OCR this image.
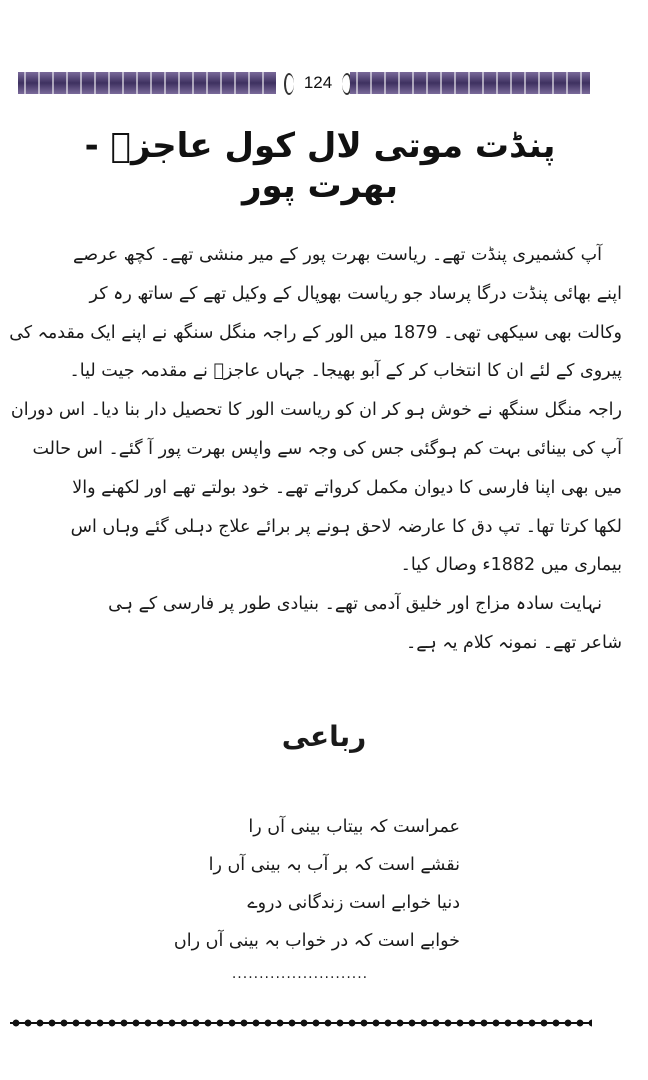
124
پنڈت موتی لال کول عاجزؔ - بھرت پور
آپ کشمیری پنڈت تھے۔ ریاست بھرت پور کے میر منشی تھے۔ کچھ عرصے
اپنے بھائی پنڈت درگا پرساد جو ریاست بھوپال کے وکیل تھے کے ساتھ رہ کر
وکالت بھی سیکھی تھی۔ 1879 میں الور کے راجہ منگل سنگھ نے اپنے ایک مقدمہ کی
پیروی کے لئے ان کا انتخاب کر کے آبو بھیجا۔ جہاں عاجزؔ نے مقدمہ جیت لیا۔
راجہ منگل سنگھ نے خوش ہو کر ان کو ریاست الور کا تحصیل دار بنا دیا۔ اس دوران
آپ کی بینائی بہت کم ہوگئی جس کی وجہ سے واپس بھرت پور آ گئے۔ اس حالت
میں بھی اپنا فارسی کا دیوان مکمل کرواتے تھے۔ خود بولتے تھے اور لکھنے والا
لکھا کرتا تھا۔ تپ دق کا عارضہ لاحق ہونے پر برائے علاج دہلی گئے وہاں اس
بیماری میں 1882ء وصال کیا۔
نہایت سادہ مزاج اور خلیق آدمی تھے۔ بنیادی طور پر فارسی کے ہی
شاعر تھے۔ نمونہ کلام یہ ہے۔
رباعی
عمراست کہ بیتاب بینی آں را
نقشے است کہ بر آب بہ بینی آں را
دنیا خوابے است زندگانی دروے
خوابے است کہ در خواب بہ بینی آں راں
.........................
